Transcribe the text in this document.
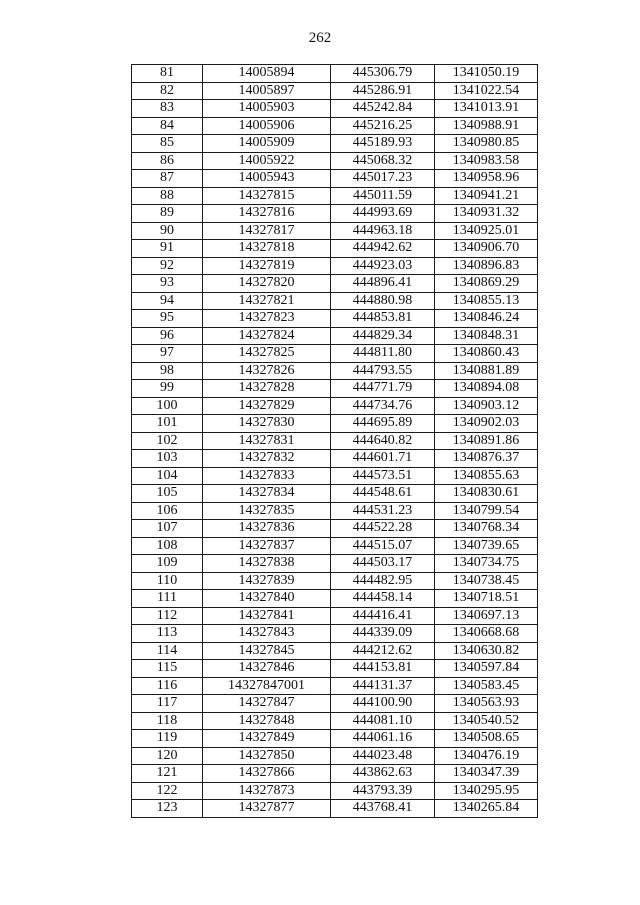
262
81	14005894	445306.79	1341050.19
82	14005897	445286.91	1341022.54
83	14005903	445242.84	1341013.91
84	14005906	445216.25	1340988.91
85	14005909	445189.93	1340980.85
86	14005922	445068.32	1340983.58
87	14005943	445017.23	1340958.96
88	14327815	445011.59	1340941.21
89	14327816	444993.69	1340931.32
90	14327817	444963.18	1340925.01
91	14327818	444942.62	1340906.70
92	14327819	444923.03	1340896.83
93	14327820	444896.41	1340869.29
94	14327821	444880.98	1340855.13
95	14327823	444853.81	1340846.24
96	14327824	444829.34	1340848.31
97	14327825	444811.80	1340860.43
98	14327826	444793.55	1340881.89
99	14327828	444771.79	1340894.08
100	14327829	444734.76	1340903.12
101	14327830	444695.89	1340902.03
102	14327831	444640.82	1340891.86
103	14327832	444601.71	1340876.37
104	14327833	444573.51	1340855.63
105	14327834	444548.61	1340830.61
106	14327835	444531.23	1340799.54
107	14327836	444522.28	1340768.34
108	14327837	444515.07	1340739.65
109	14327838	444503.17	1340734.75
110	14327839	444482.95	1340738.45
111	14327840	444458.14	1340718.51
112	14327841	444416.41	1340697.13
113	14327843	444339.09	1340668.68
114	14327845	444212.62	1340630.82
115	14327846	444153.81	1340597.84
116	14327847001	444131.37	1340583.45
117	14327847	444100.90	1340563.93
118	14327848	444081.10	1340540.52
119	14327849	444061.16	1340508.65
120	14327850	444023.48	1340476.19
121	14327866	443862.63	1340347.39
122	14327873	443793.39	1340295.95
123	14327877	443768.41	1340265.84
